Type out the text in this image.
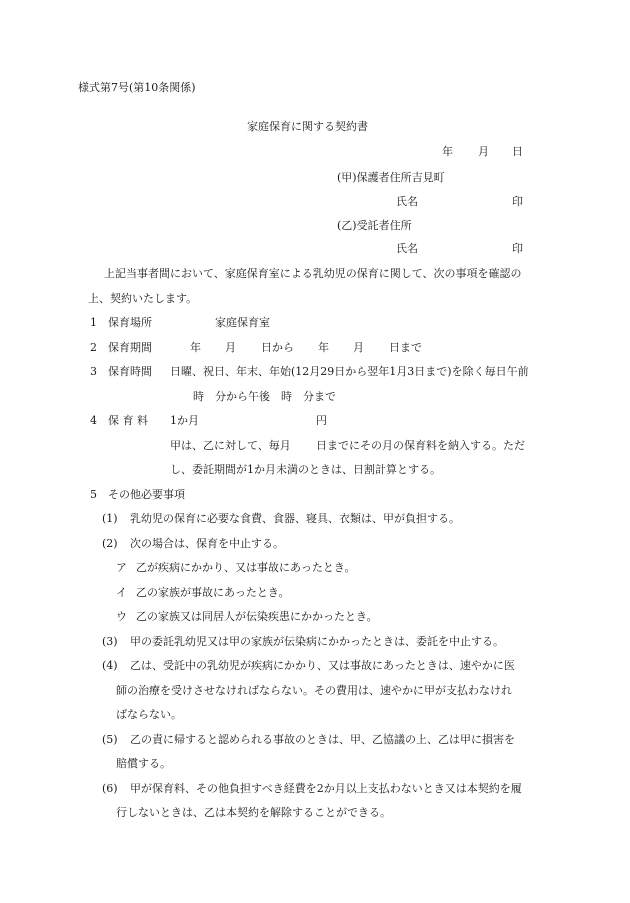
様式第7号(第10条関係)
家庭保育に関する契約書
年 月 日
(甲)保護者住所吉見町
氏名	印
(乙)受託者住所
氏名	印
上記当事者間において、家庭保育室による乳幼児の保育に関して、次の事項を確認の
上、契約いたします。
1 保育場所	家庭保育室
2 保育期間	年 月 日から 年 月 日まで
3 保育時間 日曜、祝日、年末、年始(12月29日から翌年1月3日まで)を除く毎日午前
時　分から午後　時　分まで
4 保 育 料 1か月	円
甲は、乙に対して、毎月 日までにその月の保育料を納入する。ただ
し、委託期間が1か月未満のときは、日割計算とする。
5 その他必要事項
(1) 乳幼児の保育に必要な食費、食器、寝具、衣類は、甲が負担する。
(2) 次の場合は、保育を中止する。
ア 乙が疾病にかかり、又は事故にあったとき。
イ 乙の家族が事故にあったとき。
ウ 乙の家族又は同居人が伝染疾患にかかったとき。
(3) 甲の委託乳幼児又は甲の家族が伝染病にかかったときは、委託を中止する。
(4) 乙は、受託中の乳幼児が疾病にかかり、又は事故にあったときは、速やかに医
師の治療を受けさせなければならない。その費用は、速やかに甲が支払わなけれ
ばならない。
(5) 乙の責に帰すると認められる事故のときは、甲、乙協議の上、乙は甲に損害を
賠償する。
(6) 甲が保育料、その他負担すべき経費を2か月以上支払わないとき又は本契約を履
行しないときは、乙は本契約を解除することができる。
